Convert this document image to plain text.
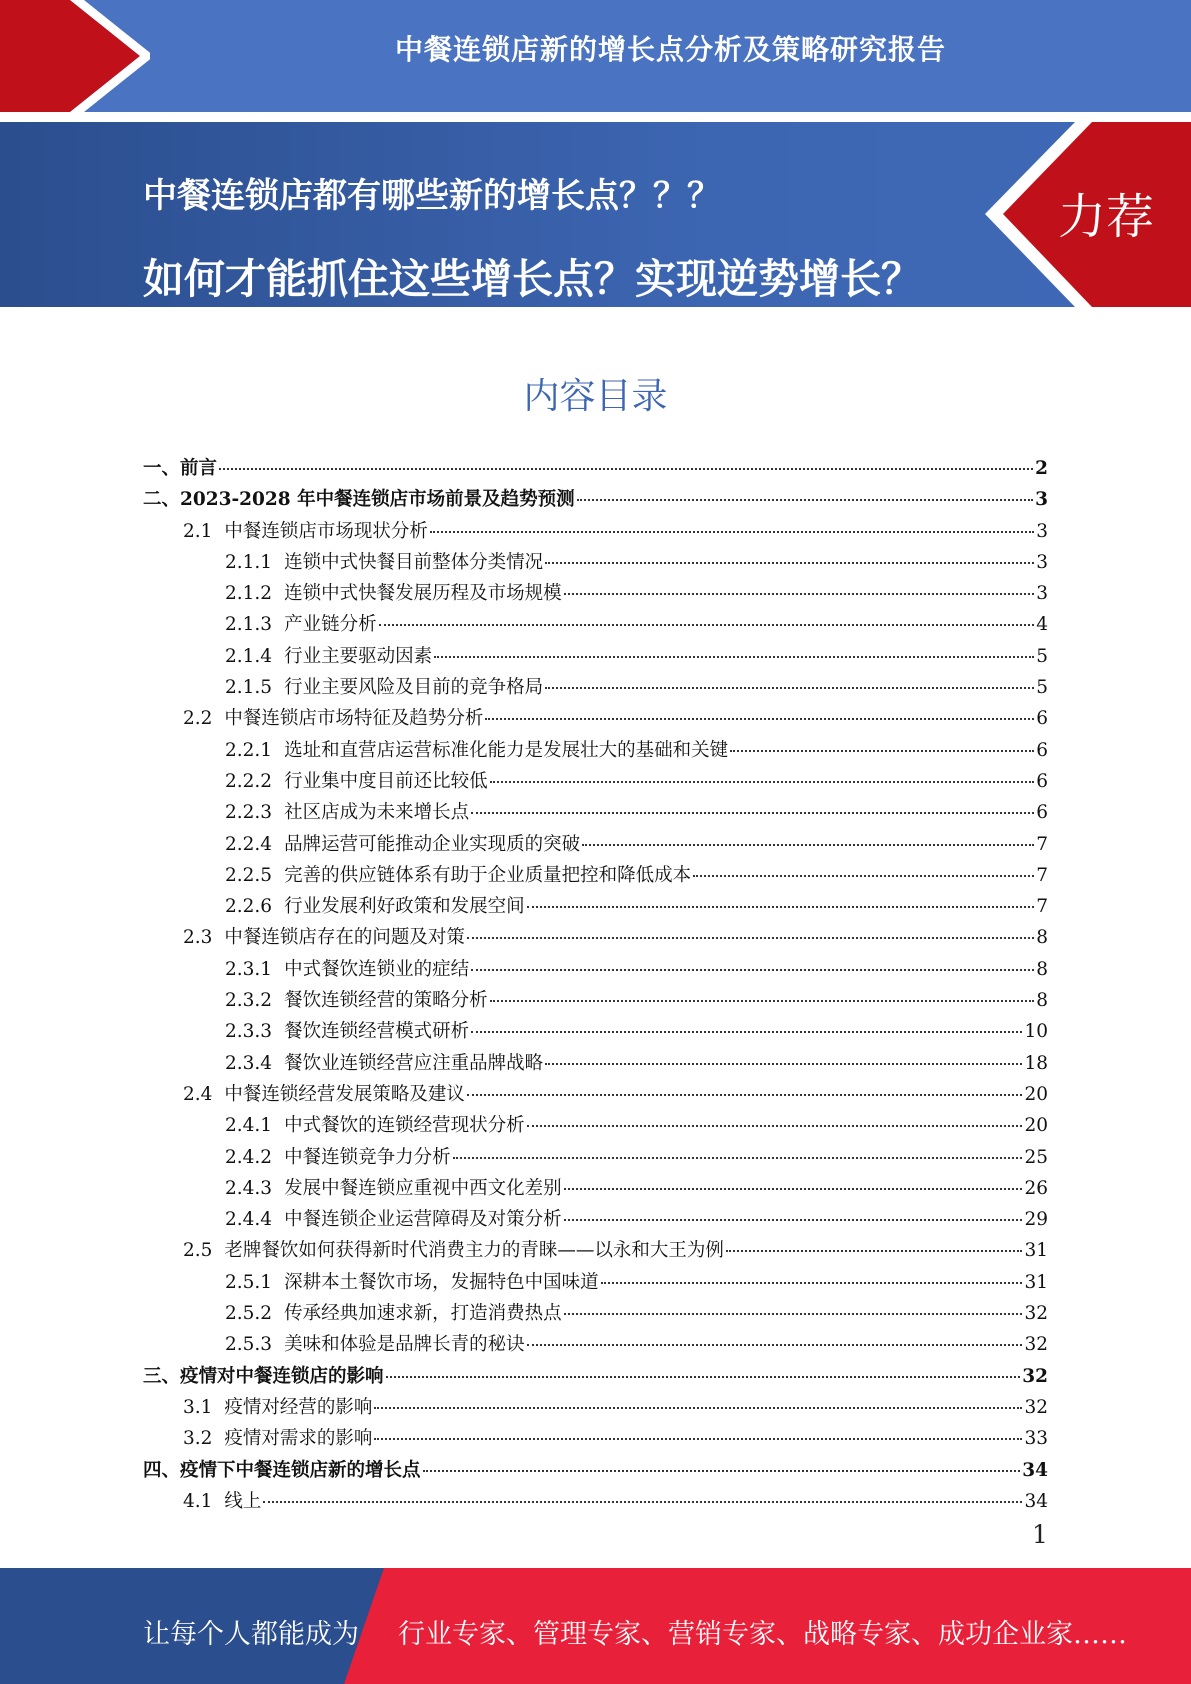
中餐连锁店新的增长点分析及策略研究报告
中餐连锁店都有哪些新的增长点？？？
如何才能抓住这些增长点？实现逆势增长？
力荐
内容目录
一、前言	2
二、2023-2028 年中餐连锁店市场前景及趋势预测	3
2.1 中餐连锁店市场现状分析	3
2.1.1 连锁中式快餐目前整体分类情况	3
2.1.2 连锁中式快餐发展历程及市场规模	3
2.1.3 产业链分析	4
2.1.4 行业主要驱动因素	5
2.1.5 行业主要风险及目前的竞争格局	5
2.2 中餐连锁店市场特征及趋势分析	6
2.2.1 选址和直营店运营标准化能力是发展壮大的基础和关键	6
2.2.2 行业集中度目前还比较低	6
2.2.3 社区店成为未来增长点	6
2.2.4 品牌运营可能推动企业实现质的突破	7
2.2.5 完善的供应链体系有助于企业质量把控和降低成本	7
2.2.6 行业发展利好政策和发展空间	7
2.3 中餐连锁店存在的问题及对策	8
2.3.1 中式餐饮连锁业的症结	8
2.3.2 餐饮连锁经营的策略分析	8
2.3.3 餐饮连锁经营模式研析	10
2.3.4 餐饮业连锁经营应注重品牌战略	18
2.4 中餐连锁经营发展策略及建议	20
2.4.1 中式餐饮的连锁经营现状分析	20
2.4.2 中餐连锁竞争力分析	25
2.4.3 发展中餐连锁应重视中西文化差别	26
2.4.4 中餐连锁企业运营障碍及对策分析	29
2.5 老牌餐饮如何获得新时代消费主力的青睐——以永和大王为例	31
2.5.1 深耕本土餐饮市场，发掘特色中国味道	31
2.5.2 传承经典加速求新，打造消费热点	32
2.5.3 美味和体验是品牌长青的秘诀	32
三、疫情对中餐连锁店的影响	32
3.1 疫情对经营的影响	32
3.2 疫情对需求的影响	33
四、疫情下中餐连锁店新的增长点	34
4.1 线上	34
1
让每个人都能成为 行业专家、管理专家、营销专家、战略专家、成功企业家……
